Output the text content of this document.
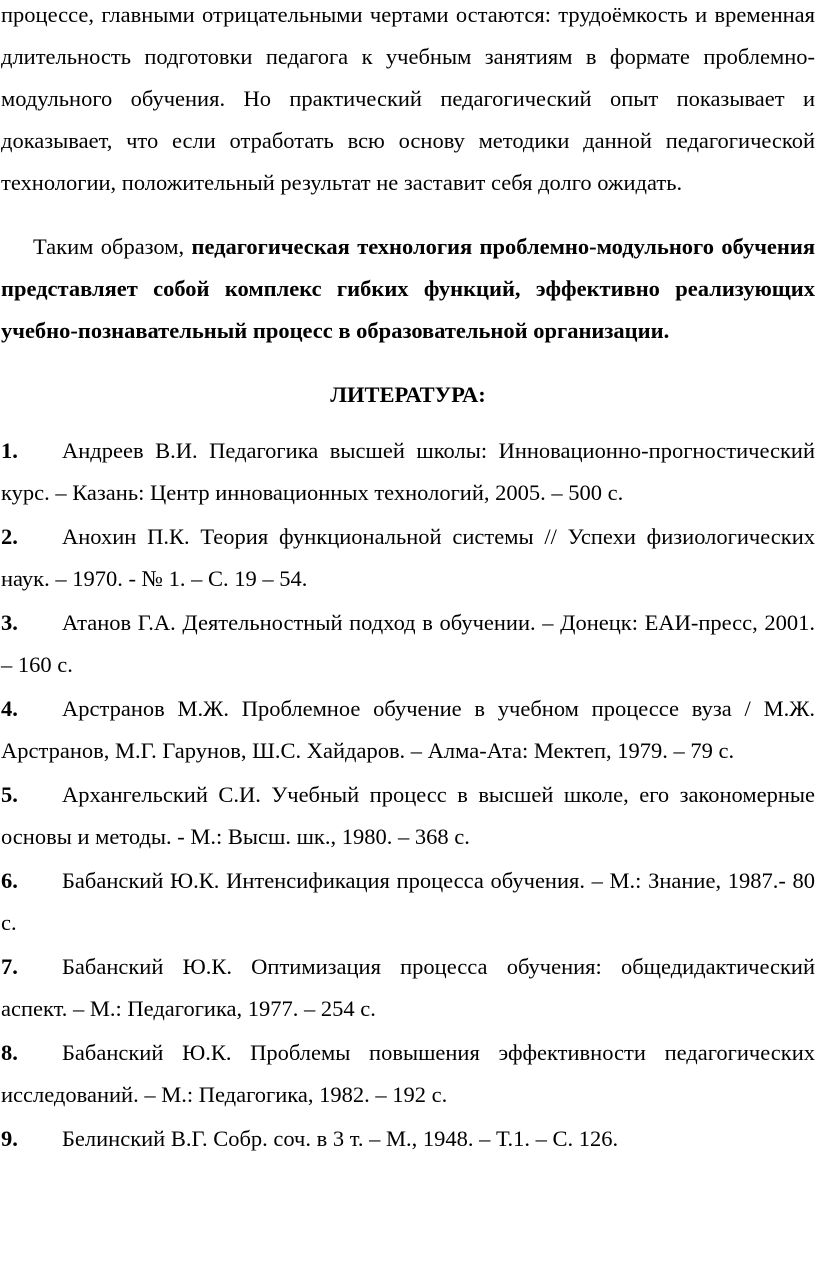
процессе, главными отрицательными чертами остаются: трудоёмкость и временная длительность подготовки педагога к учебным занятиям в формате проблемно-модульного обучения. Но практический педагогический опыт показывает и доказывает, что если отработать всю основу методики данной педагогической технологии, положительный результат не заставит себя долго ожидать.

Таким образом, педагогическая технология проблемно-модульного обучения представляет собой комплекс гибких функций, эффективно реализующих учебно-познавательный процесс в образовательной организации.

ЛИТЕРАТУРА:
1. Андреев В.И. Педагогика высшей школы: Инновационно-прогностический курс. – Казань: Центр инновационных технологий, 2005. – 500 с.
2. Анохин П.К. Теория функциональной системы // Успехи физиологических наук. – 1970. - № 1. – С. 19 – 54.
3. Атанов Г.А. Деятельностный подход в обучении. – Донецк: ЕАИ-пресс, 2001. – 160 с.
4. Арстранов М.Ж. Проблемное обучение в учебном процессе вуза / М.Ж. Арстранов, М.Г. Гарунов, Ш.С. Хайдаров. – Алма-Ата: Мектеп, 1979. – 79 с.
5. Архангельский С.И. Учебный процесс в высшей школе, его закономерные основы и методы. - М.: Высш. шк., 1980. – 368 с.
6. Бабанский Ю.К. Интенсификация процесса обучения. – М.: Знание, 1987.- 80 с.
7. Бабанский Ю.К. Оптимизация процесса обучения: общедидактический аспект. – М.: Педагогика, 1977. – 254 с.
8. Бабанский Ю.К. Проблемы повышения эффективности педагогических исследований. – М.: Педагогика, 1982. – 192 с.
9. Белинский В.Г. Собр. соч. в 3 т. – М., 1948. – Т.1. – С. 126.
